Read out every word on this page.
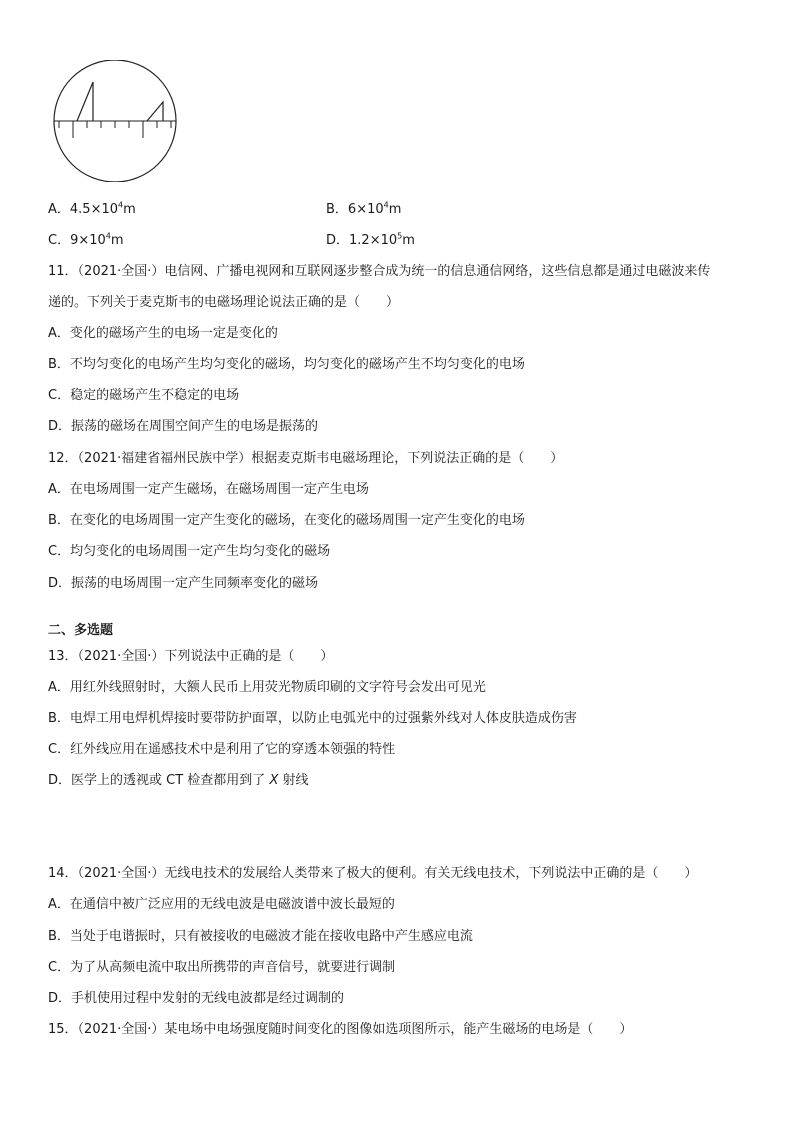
A．$4.5\times 10^4m$	B．$6\times 10^4m$
C．$9\times 10^4m$	D．$1.2\times 10^5m$
11．（2021·全国·）电信网、广播电视网和互联网逐步整合成为统一的信息通信网络，这些信息都是通过电磁波来传
递的。下列关于麦克斯韦的电磁场理论说法正确的是（　　）
A．变化的磁场产生的电场一定是变化的
B．不均匀变化的电场产生均匀变化的磁场，均匀变化的磁场产生不均匀变化的电场
C．稳定的磁场产生不稳定的电场
D．振荡的磁场在周围空间产生的电场是振荡的
12．（2021·福建省福州民族中学）根据麦克斯韦电磁场理论，下列说法正确的是（　　）
A．在电场周围一定产生磁场，在磁场周围一定产生电场
B．在变化的电场周围一定产生变化的磁场，在变化的磁场周围一定产生变化的电场
C．均匀变化的电场周围一定产生均匀变化的磁场
D．振荡的电场周围一定产生同频率变化的磁场
二、多选题
13．（2021·全国·）下列说法中正确的是（　　）
A．用红外线照射时，大额人民币上用荧光物质印刷的文字符号会发出可见光
B．电焊工用电焊机焊接时要带防护面罩，以防止电弧光中的过强紫外线对人体皮肤造成伤害
C．红外线应用在遥感技术中是利用了它的穿透本领强的特性
D．医学上的透视或 CT 检查都用到了 X 射线
14．（2021·全国·）无线电技术的发展给人类带来了极大的便利。有关无线电技术，下列说法中正确的是（　　）
A．在通信中被广泛应用的无线电波是电磁波谱中波长最短的
B．当处于电谐振时，只有被接收的电磁波才能在接收电路中产生感应电流
C．为了从高频电流中取出所携带的声音信号，就要进行调制
D．手机使用过程中发射的无线电波都是经过调制的
15．（2021·全国·）某电场中电场强度随时间变化的图像如选项图所示，能产生磁场的电场是（　　）
